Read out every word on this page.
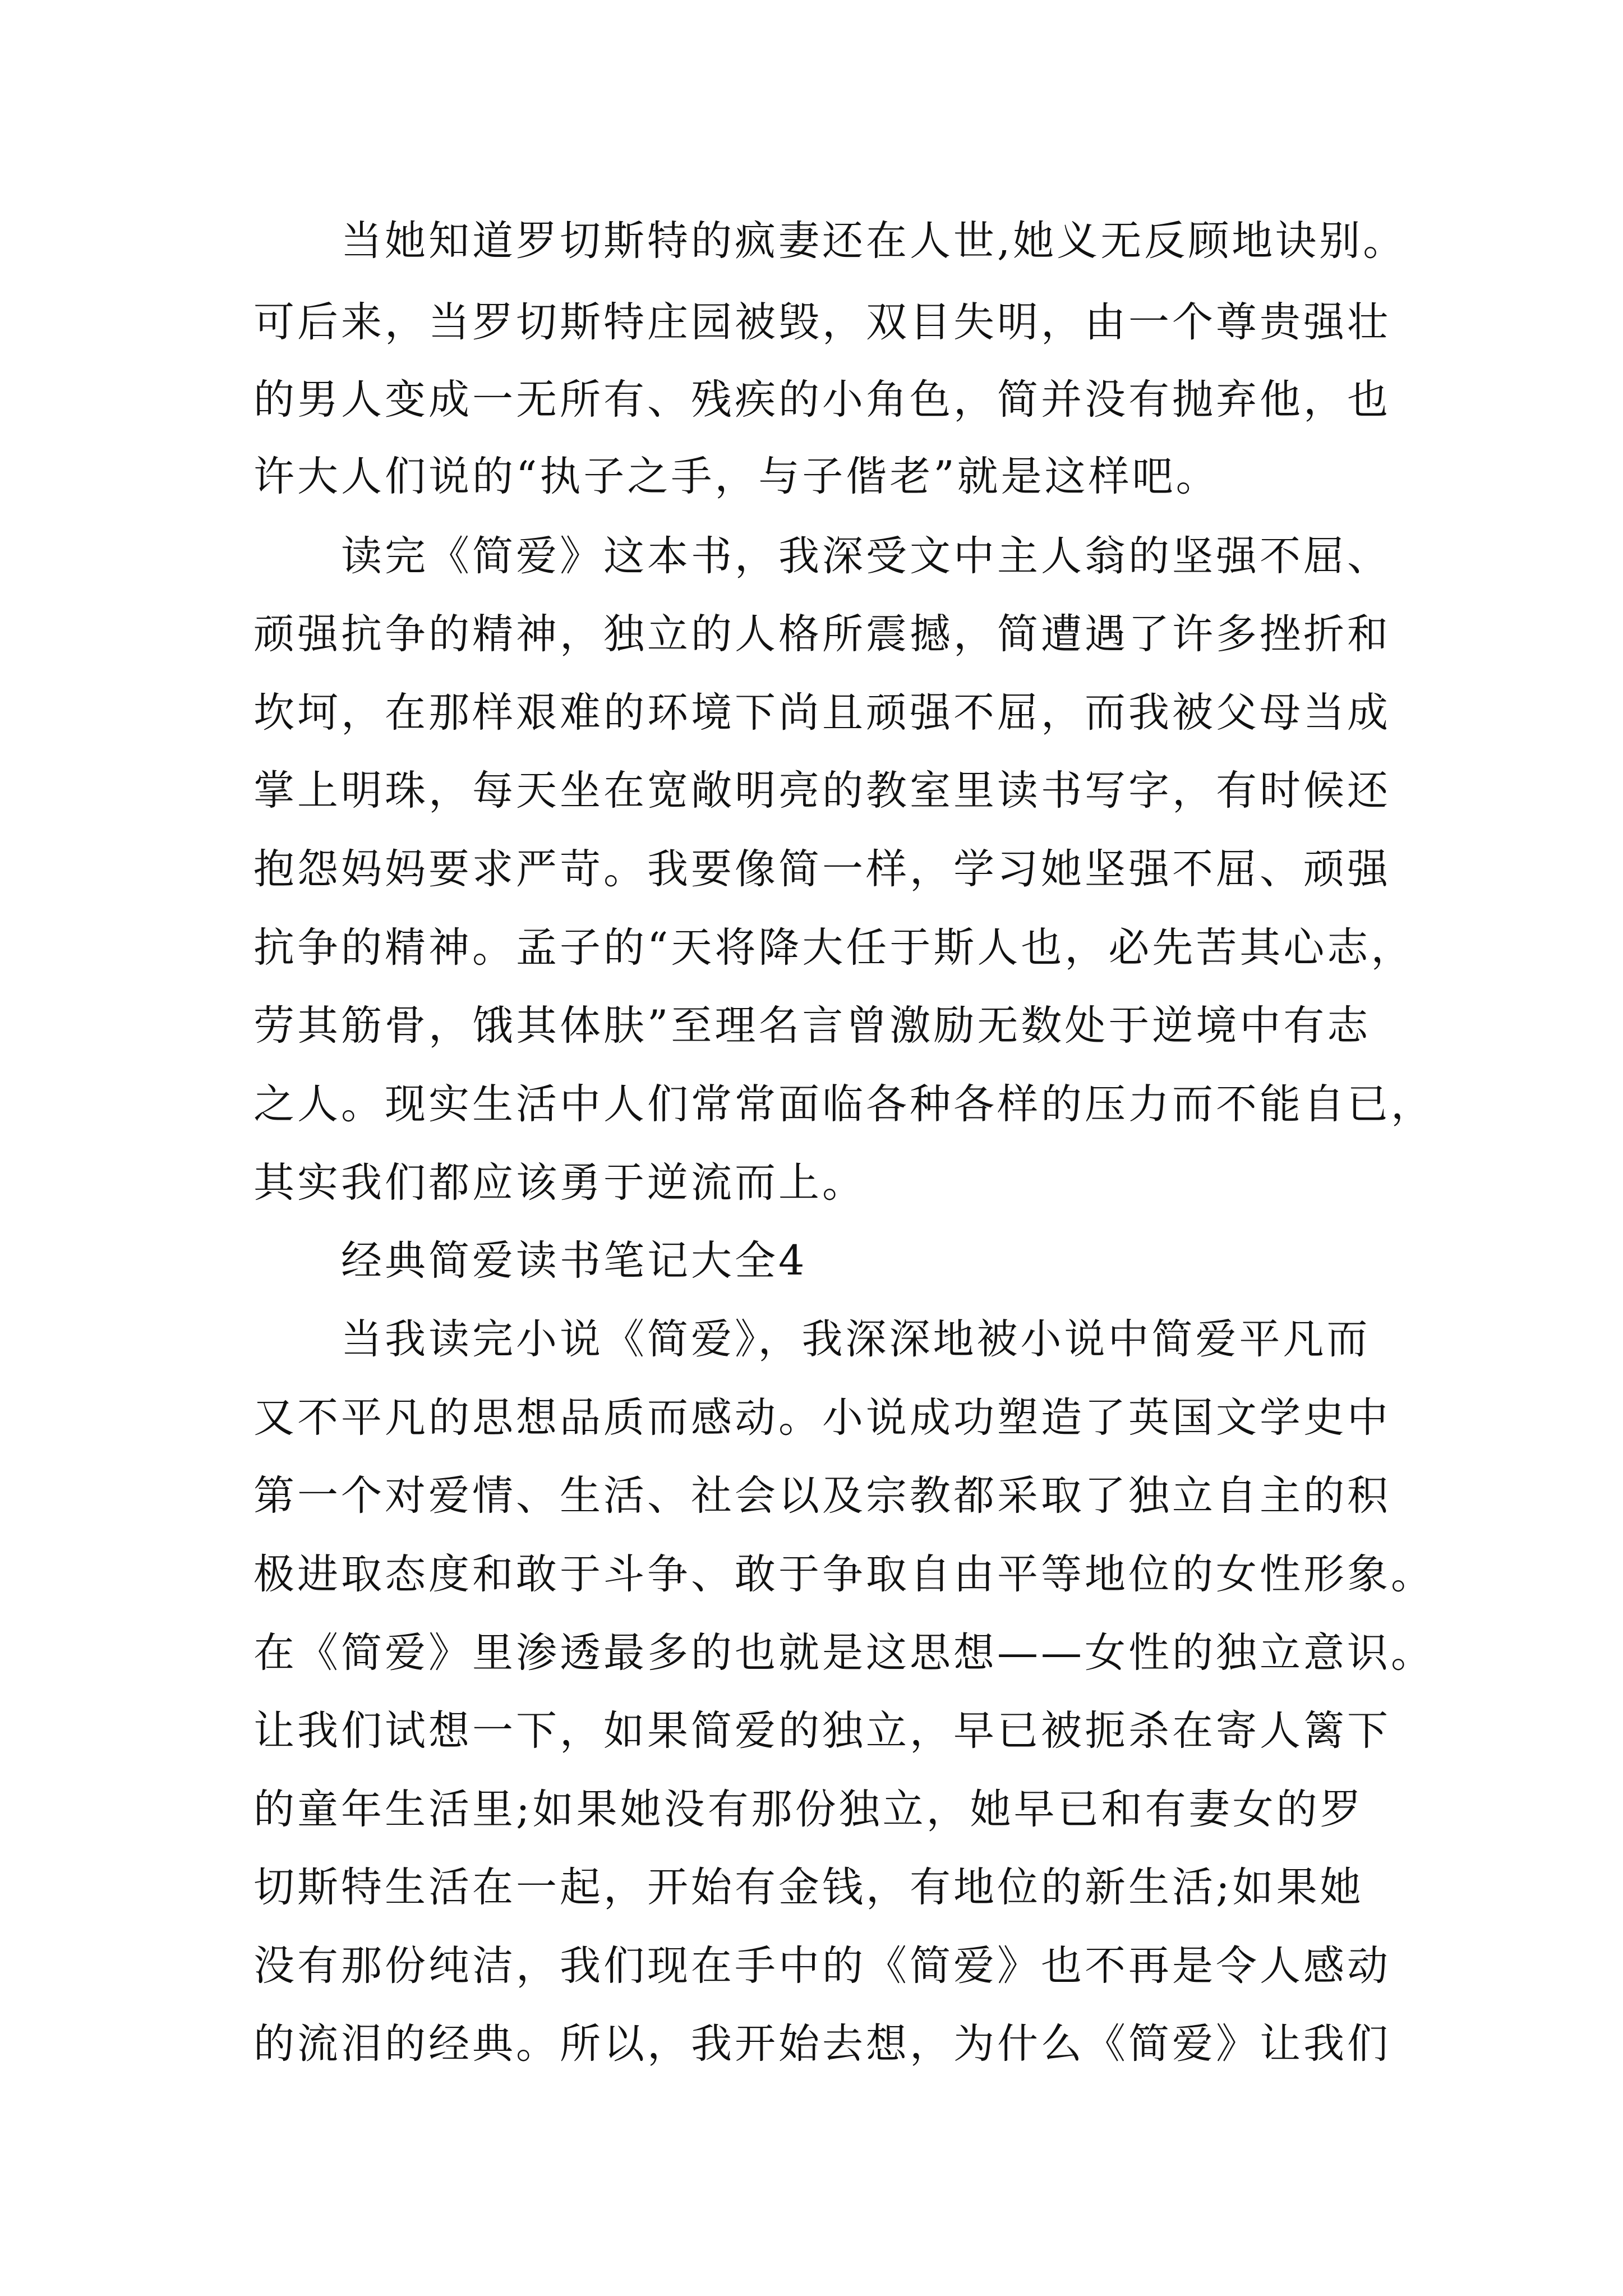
当她知道罗切斯特的疯妻还在人世,她义无反顾地诀别。
可后来，当罗切斯特庄园被毁，双目失明，由一个尊贵强壮
的男人变成一无所有、残疾的小角色，简并没有抛弃他，也
许大人们说的“执子之手，与子偕老”就是这样吧。
读完《简爱》这本书，我深受文中主人翁的坚强不屈、
顽强抗争的精神，独立的人格所震撼，简遭遇了许多挫折和
坎坷，在那样艰难的环境下尚且顽强不屈，而我被父母当成
掌上明珠，每天坐在宽敞明亮的教室里读书写字，有时候还
抱怨妈妈要求严苛。我要像简一样，学习她坚强不屈、顽强
抗争的精神。孟子的“天将降大任于斯人也，必先苦其心志，
劳其筋骨，饿其体肤”至理名言曾激励无数处于逆境中有志
之人。现实生活中人们常常面临各种各样的压力而不能自已，
其实我们都应该勇于逆流而上。
经典简爱读书笔记大全4
当我读完小说《简爱》，我深深地被小说中简爱平凡而
又不平凡的思想品质而感动。小说成功塑造了英国文学史中
第一个对爱情、生活、社会以及宗教都采取了独立自主的积
极进取态度和敢于斗争、敢于争取自由平等地位的女性形象。
在《简爱》里渗透最多的也就是这思想——女性的独立意识。
让我们试想一下，如果简爱的独立，早已被扼杀在寄人篱下
的童年生活里;如果她没有那份独立，她早已和有妻女的罗
切斯特生活在一起，开始有金钱，有地位的新生活;如果她
没有那份纯洁，我们现在手中的《简爱》也不再是令人感动
的流泪的经典。所以，我开始去想，为什么《简爱》让我们
